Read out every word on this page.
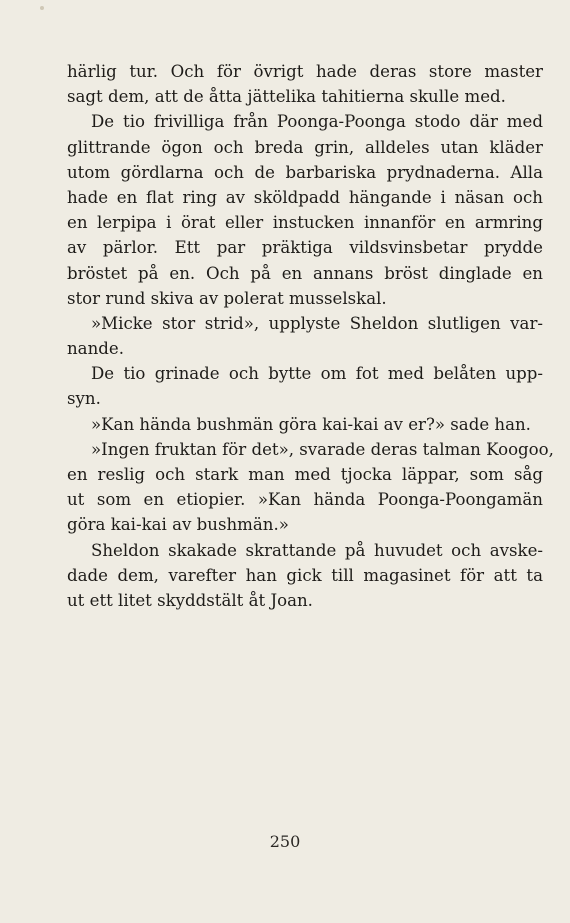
härlig tur. Och för övrigt hade deras store master
sagt dem, att de åtta jättelika tahitierna skulle med.
De tio frivilliga från Poonga-Poonga stodo där med
glittrande ögon och breda grin, alldeles utan kläder
utom gördlarna och de barbariska prydnaderna. Alla
hade en flat ring av sköldpadd hängande i näsan och
en lerpipa i örat eller instucken innanför en armring
av pärlor. Ett par präktiga vildsvinsbetar prydde
bröstet på en. Och på en annans bröst dinglade en
stor rund skiva av polerat musselskal.
»Micke stor strid», upplyste Sheldon slutligen var-
nande.
De tio grinade och bytte om fot med belåten upp-
syn.
»Kan hända bushmän göra kai-kai av er?» sade han.
»Ingen fruktan för det», svarade deras talman Koogoo,
en reslig och stark man med tjocka läppar, som såg
ut som en etiopier. »Kan hända Poonga-Poongamän
göra kai-kai av bushmän.»
Sheldon skakade skrattande på huvudet och avske-
dade dem, varefter han gick till magasinet för att ta
ut ett litet skyddstält åt Joan.
250
